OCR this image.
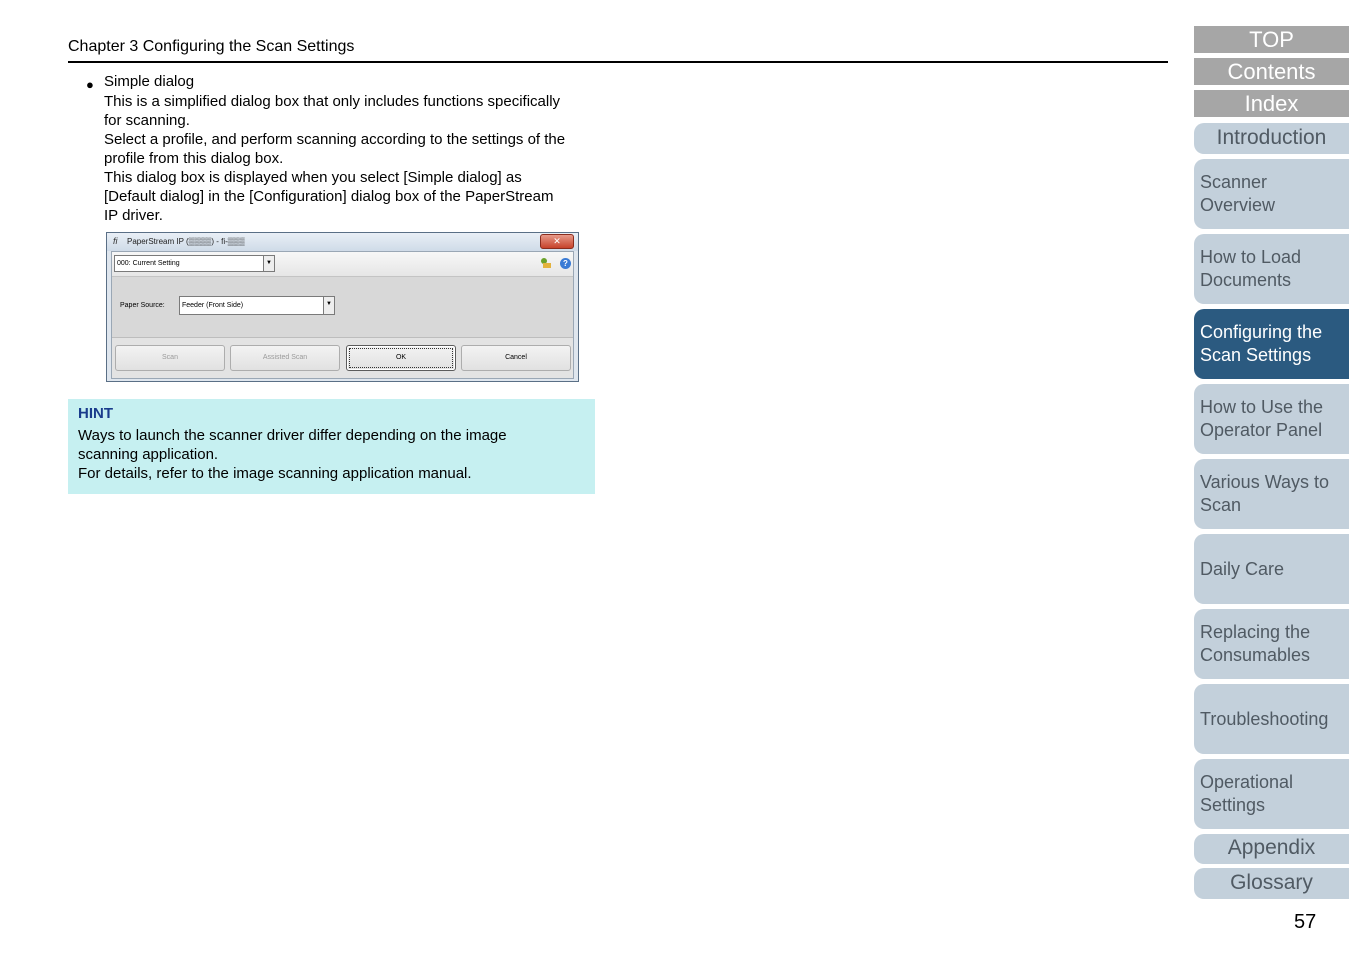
Chapter 3 Configuring the Scan Settings
● Simple dialog
This is a simplified dialog box that only includes functions specifically
for scanning.
Select a profile, and perform scanning according to the settings of the
profile from this dialog box.
This dialog box is displayed when you select [Simple dialog] as
[Default dialog] in the [Configuration] dialog box of the PaperStream
IP driver.
fi PaperStream IP (▒▒▒▒) - fi-▒▒▒	✕
000: Current Setting	▼	?
Paper Source:	Feeder (Front Side)	▼
Scan	Assisted Scan	OK	Cancel
HINT
Ways to launch the scanner driver differ depending on the image
scanning application.
For details, refer to the image scanning application manual.
TOP
Contents
Index
Introduction
Scanner
Overview
How to Load
Documents
Configuring the
Scan Settings
How to Use the
Operator Panel
Various Ways to
Scan
Daily Care
Replacing the
Consumables
Troubleshooting
Operational
Settings
Appendix
Glossary
57
